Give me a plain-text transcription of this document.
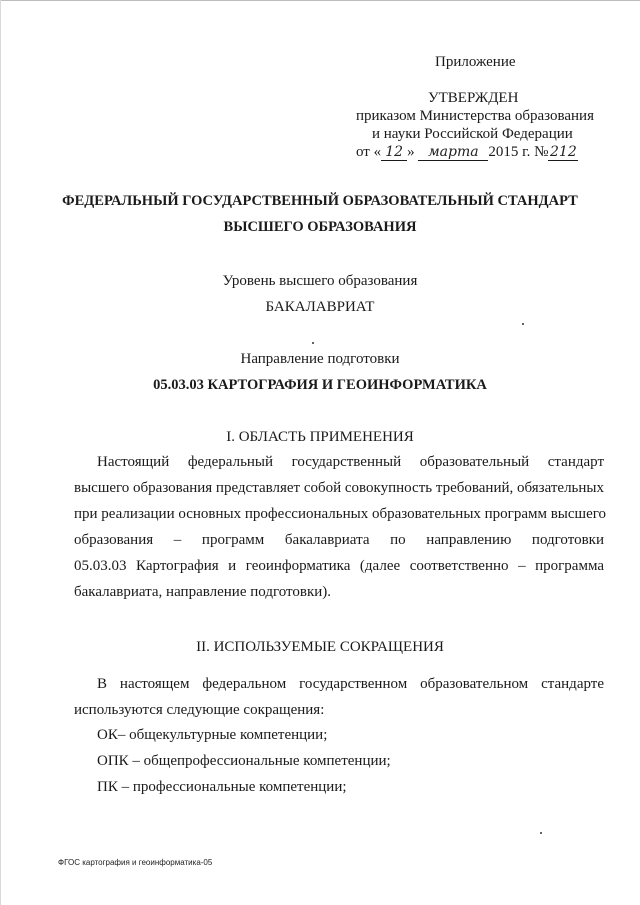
Приложение
УТВЕРЖДЕН
приказом Министерства образования
и науки Российской Федерации
от « 12 » марта 2015 г. № 212
ФЕДЕРАЛЬНЫЙ ГОСУДАРСТВЕННЫЙ ОБРАЗОВАТЕЛЬНЫЙ СТАНДАРТ
ВЫСШЕГО ОБРАЗОВАНИЯ
Уровень высшего образования
БАКАЛАВРИАТ
Направление подготовки
05.03.03 КАРТОГРАФИЯ И ГЕОИНФОРМАТИКА
I. ОБЛАСТЬ ПРИМЕНЕНИЯ
Настоящий федеральный государственный образовательный стандарт
высшего образования представляет собой совокупность требований, обязательных
при реализации основных профессиональных образовательных программ высшего
образования – программ бакалавриата по направлению подготовки
05.03.03 Картография и геоинформатика (далее соответственно – программа
бакалавриата, направление подготовки).
II. ИСПОЛЬЗУЕМЫЕ СОКРАЩЕНИЯ
В настоящем федеральном государственном образовательном стандарте
используются следующие сокращения:
ОК– общекультурные компетенции;
ОПК – общепрофессиональные компетенции;
ПК – профессиональные компетенции;
ФГОС картография и геоинформатика-05
